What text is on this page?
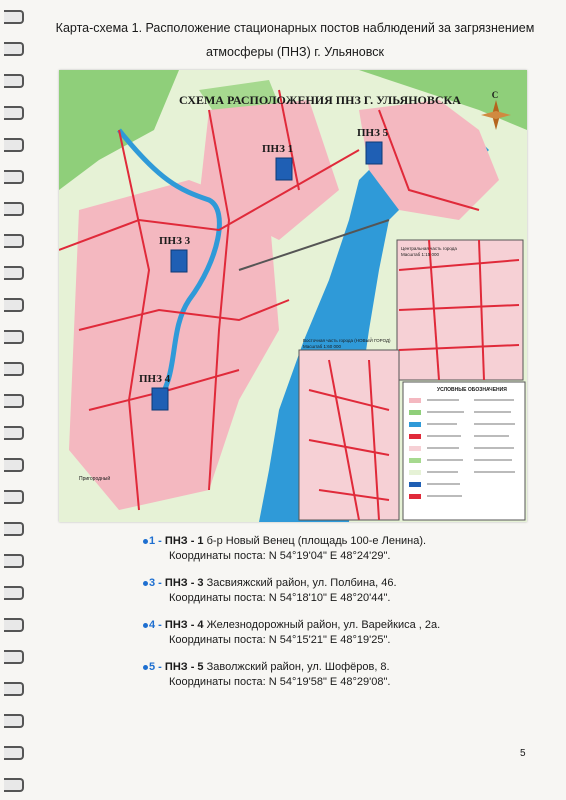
Карта-схема 1. Расположение стационарных постов наблюдений за загрязнением
атмосферы (ПНЗ) г. Ульяновск
СХЕМА РАСПОЛОЖЕНИЯ ПНЗ Г. УЛЬЯНОВСКА
ПНЗ 1
ПНЗ 3
ПНЗ 4
ПНЗ 5
С
Центральная часть города
Масштаб 1:15 000
Восточная часть города (НОВЫЙ ГОРОД)
Масштаб 1:60 000
УСЛОВНЫЕ ОБОЗНАЧЕНИЯ
Пригородный
1 - ПНЗ - 1 б-р Новый Венец (площадь 100-е Ленина).
Координаты поста: N 54°19'04" E 48°24'29".
3 - ПНЗ - 3 Засвияжский район, ул. Полбина, 46.
Координаты поста: N 54°18'10" E 48°20'44".
4 - ПНЗ - 4 Железнодорожный район, ул. Варейкиса , 2а.
Координаты поста: N 54°15'21" E 48°19'25".
5 - ПНЗ - 5 Заволжский район, ул. Шофёров, 8.
Координаты поста: N 54°19'58" E 48°29'08".
5
